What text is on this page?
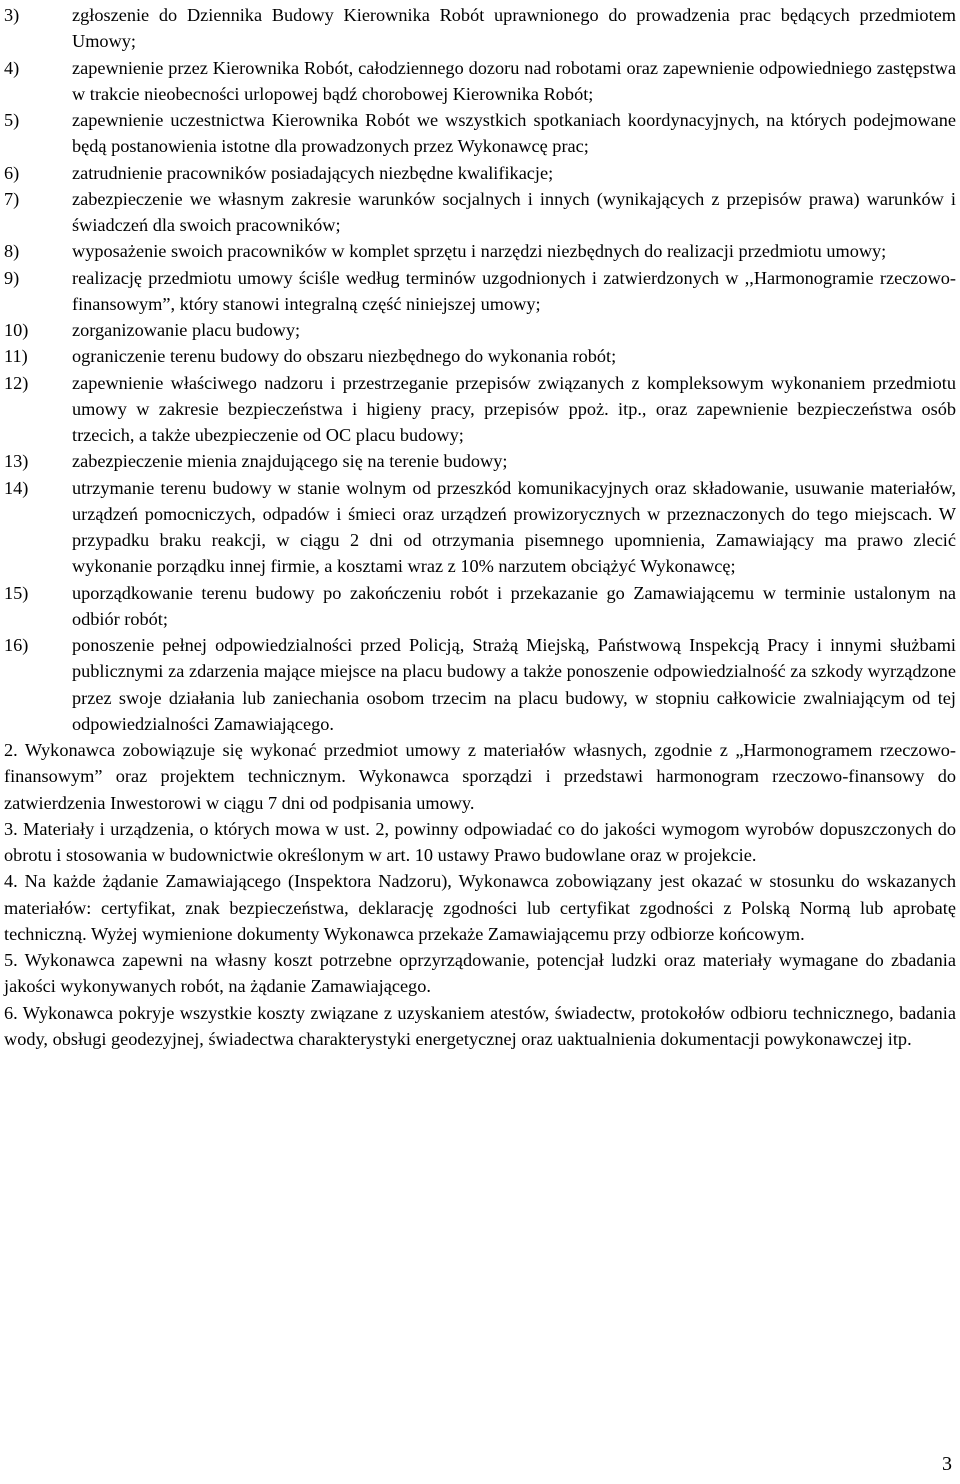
3)	zgłoszenie do Dziennika Budowy Kierownika Robót uprawnionego do prowadzenia prac będących przedmiotem Umowy;
4)	zapewnienie przez Kierownika Robót, całodziennego dozoru nad robotami oraz zapewnienie odpowiedniego zastępstwa w trakcie nieobecności urlopowej bądź chorobowej Kierownika Robót;
5)	zapewnienie uczestnictwa Kierownika Robót we wszystkich spotkaniach koordynacyjnych, na których podejmowane będą postanowienia istotne dla prowadzonych przez Wykonawcę prac;
6)	zatrudnienie pracowników posiadających niezbędne kwalifikacje;
7)	zabezpieczenie we własnym zakresie warunków socjalnych i innych (wynikających z przepisów prawa) warunków i świadczeń dla swoich pracowników;
8)	wyposażenie swoich pracowników w komplet sprzętu i narzędzi niezbędnych do realizacji przedmiotu umowy;
9)	realizację przedmiotu umowy ściśle według terminów uzgodnionych i zatwierdzonych w ,,Harmonogramie rzeczowo-finansowym”, który stanowi integralną część niniejszej umowy;
10)	zorganizowanie placu budowy;
11)	ograniczenie terenu budowy do obszaru niezbędnego do wykonania robót;
12)	zapewnienie właściwego nadzoru i przestrzeganie przepisów związanych z kompleksowym wykonaniem przedmiotu umowy w zakresie bezpieczeństwa i higieny pracy, przepisów ppoż. itp., oraz zapewnienie bezpieczeństwa osób trzecich, a także ubezpieczenie od OC placu budowy;
13)	zabezpieczenie mienia znajdującego się na terenie budowy;
14)	utrzymanie terenu budowy w stanie wolnym od przeszkód komunikacyjnych oraz składowanie, usuwanie materiałów, urządzeń pomocniczych, odpadów i śmieci oraz urządzeń prowizorycznych w przeznaczonych do tego miejscach. W przypadku braku reakcji, w ciągu 2 dni od otrzymania pisemnego upomnienia, Zamawiający ma prawo zlecić wykonanie porządku innej firmie, a kosztami wraz z 10% narzutem obciążyć Wykonawcę;
15)	uporządkowanie terenu budowy po zakończeniu robót i przekazanie go Zamawiającemu w terminie ustalonym na odbiór robót;
16)	ponoszenie pełnej odpowiedzialności przed Policją, Strażą Miejską, Państwową Inspekcją Pracy i innymi służbami publicznymi za zdarzenia mające miejsce na placu budowy a także ponoszenie odpowiedzialność za szkody wyrządzone przez swoje działania lub zaniechania osobom trzecim na placu budowy, w stopniu całkowicie zwalniającym od tej odpowiedzialności Zamawiającego.
2. Wykonawca zobowiązuje się wykonać przedmiot umowy z materiałów własnych, zgodnie z „Harmonogramem rzeczowo-finansowym” oraz projektem technicznym. Wykonawca sporządzi i przedstawi harmonogram rzeczowo-finansowy do zatwierdzenia Inwestorowi w ciągu 7 dni od podpisania umowy.
3. Materiały i urządzenia, o których mowa w ust. 2, powinny odpowiadać co do jakości wymogom wyrobów dopuszczonych do obrotu i stosowania w budownictwie określonym w art. 10 ustawy Prawo budowlane oraz w projekcie.
4. Na każde żądanie Zamawiającego (Inspektora Nadzoru), Wykonawca zobowiązany jest okazać w stosunku do wskazanych materiałów: certyfikat, znak bezpieczeństwa, deklarację zgodności lub certyfikat zgodności z Polską Normą lub aprobatę techniczną. Wyżej wymienione dokumenty Wykonawca przekaże Zamawiającemu przy odbiorze końcowym.
5. Wykonawca zapewni na własny koszt potrzebne oprzyrządowanie, potencjał ludzki oraz materiały wymagane do zbadania jakości wykonywanych robót, na żądanie Zamawiającego.
6. Wykonawca pokryje wszystkie koszty związane z uzyskaniem atestów, świadectw, protokołów odbioru technicznego, badania wody, obsługi geodezyjnej, świadectwa charakterystyki energetycznej oraz uaktualnienia dokumentacji powykonawczej itp.
3
